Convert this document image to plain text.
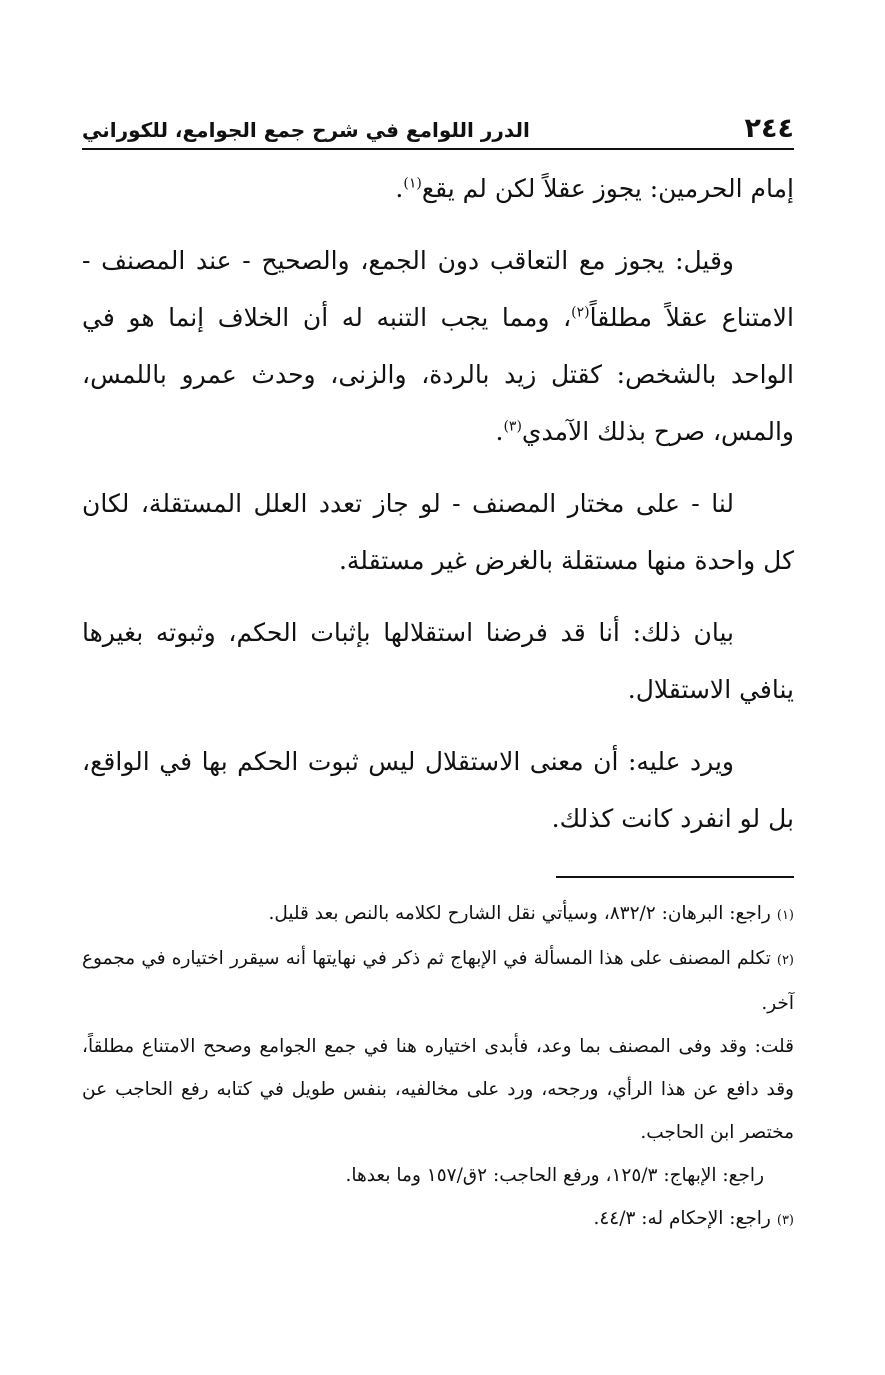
٢٤٤
الدرر اللوامع في شرح جمع الجوامع، للكوراني

إمام الحرمين: يجوز عقلاً لكن لم يقع$^{(١)}$.

وقيل: يجوز مع التعاقب دون الجمع، والصحيح - عند المصنف - الامتناع عقلاً مطلقاً$^{(٢)}$، ومما يجب التنبه له أن الخلاف إنما هو في الواحد بالشخص: كقتل زيد بالردة، والزنى، وحدث عمرو باللمس، والمس، صرح بذلك الآمدي$^{(٣)}$.

لنا - على مختار المصنف - لو جاز تعدد العلل المستقلة، لكان كل واحدة منها مستقلة بالغرض غير مستقلة.

بيان ذلك: أنا قد فرضنا استقلالها بإثبات الحكم، وثبوته بغيرها ينافي الاستقلال.

ويرد عليه: أن معنى الاستقلال ليس ثبوت الحكم بها في الواقع، بل لو انفرد كانت كذلك.

(١)راجع: البرهان: ٨٣٢/٢، وسيأتي نقل الشارح لكلامه بالنص بعد قليل.

(٢)تكلم المصنف على هذا المسألة في الإبهاج ثم ذكر في نهايتها أنه سيقرر اختياره في مجموع آخر.

قلت: وقد وفى المصنف بما وعد، فأبدى اختياره هنا في جمع الجوامع وصحح الامتناع مطلقاً، وقد دافع عن هذا الرأي، ورجحه، ورد على مخالفيه، بنفس طويل في كتابه رفع الحاجب عن مختصر ابن الحاجب.

راجع: الإبهاج: ١٢٥/٣، ورفع الحاجب: ٢ق/١٥٧ وما بعدها.

(٣)راجع: الإحكام له: ٤٤/٣.
